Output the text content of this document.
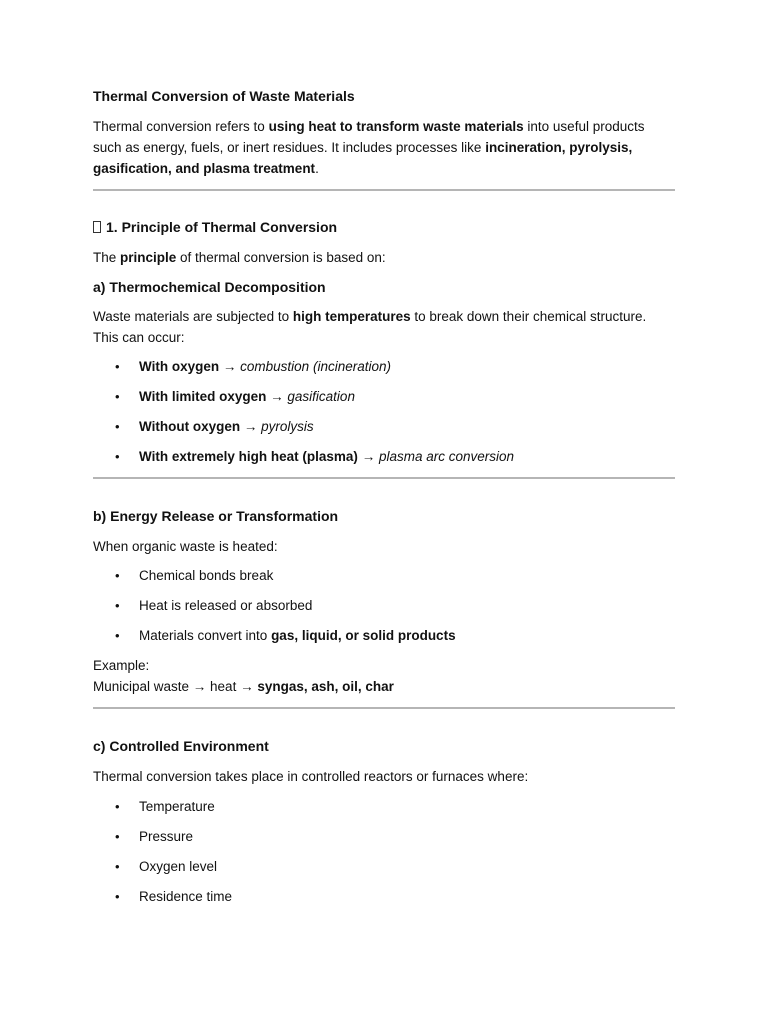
Thermal Conversion of Waste Materials

Thermal conversion refers to using heat to transform waste materials into useful products such as energy, fuels, or inert residues. It includes processes like incineration, pyrolysis, gasification, and plasma treatment.

1. Principle of Thermal Conversion

The principle of thermal conversion is based on:

a) Thermochemical Decomposition

Waste materials are subjected to high temperatures to break down their chemical structure. This can occur:

• With oxygen → combustion (incineration)
• With limited oxygen → gasification
• Without oxygen → pyrolysis
• With extremely high heat (plasma) → plasma arc conversion

b) Energy Release or Transformation

When organic waste is heated:

• Chemical bonds break
• Heat is released or absorbed
• Materials convert into gas, liquid, or solid products

Example:

Municipal waste → heat → syngas, ash, oil, char

c) Controlled Environment

Thermal conversion takes place in controlled reactors or furnaces where:

• Temperature
• Pressure
• Oxygen level
• Residence time
